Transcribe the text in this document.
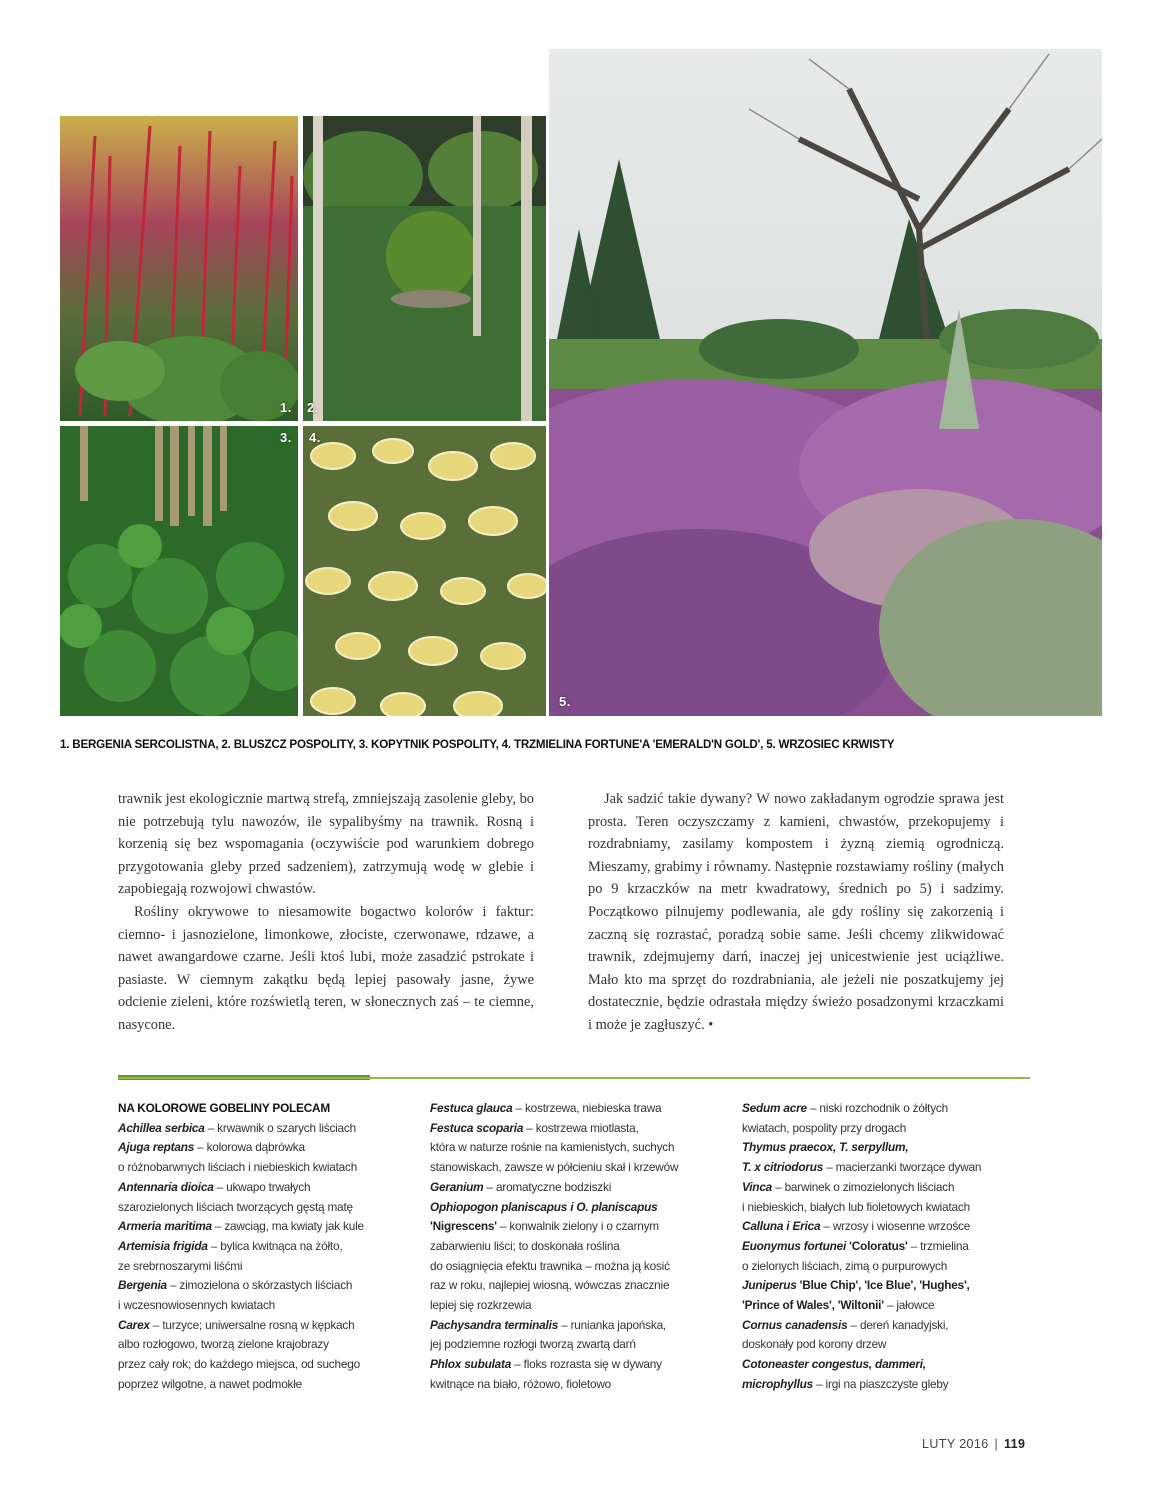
1. 2.
3. 4.
5.
1. BERGENIA SERCOLISTNA, 2. BLUSZCZ POSPOLITY, 3. KOPYTNIK POSPOLITY, 4. TRZMIELINA FORTUNE'A 'EMERALD'N GOLD', 5. WRZOSIEC KRWISTY

trawnik jest ekologicznie martwą strefą, zmniejszają zasolenie gleby, bo nie potrzebują tylu nawozów, ile sypalibyśmy na trawnik. Rosną i korzenią się bez wspomagania (oczywiście pod warunkiem dobrego przygotowania gleby przed sadzeniem), zatrzymują wodę w glebie i zapobiegają rozwojowi chwastów.

Rośliny okrywowe to niesamowite bogactwo kolorów i faktur: ciemno- i jasnozielone, limonkowe, złociste, czerwonawe, rdzawe, a nawet awangardowe czarne. Jeśli ktoś lubi, może zasadzić pstrokate i pasiaste. W ciemnym zakątku będą lepiej pasowały jasne, żywe odcienie zieleni, które rozświetlą teren, w słonecznych zaś – te ciemne, nasycone.

Jak sadzić takie dywany? W nowo zakładanym ogrodzie sprawa jest prosta. Teren oczyszczamy z kamieni, chwastów, przekopujemy i rozdrabniamy, zasilamy kompostem i żyzną ziemią ogrodniczą. Mieszamy, grabimy i równamy. Następnie rozstawiamy rośliny (małych po 9 krzaczków na metr kwadratowy, średnich po 5) i sadzimy. Początkowo pilnujemy podlewania, ale gdy rośliny się zakorzenią i zaczną się rozrastać, poradzą sobie same. Jeśli chcemy zlikwidować trawnik, zdejmujemy darń, inaczej jej unicestwienie jest uciążliwe. Mało kto ma sprzęt do rozdrabniania, ale jeżeli nie poszatkujemy jej dostatecznie, będzie odrastała między świeżo posadzonymi krzaczkami i może je zagłuszyć. •

NA KOLOROWE GOBELINY POLECAM
Achillea serbica – krwawnik o szarych liściach
Ajuga reptans – kolorowa dąbrówka
o różnobarwnych liściach i niebieskich kwiatach
Antennaria dioica – ukwapo trwałych
szarozielonych liściach tworzących gęstą matę
Armeria maritima – zawciąg, ma kwiaty jak kule
Artemisia frigida – bylica kwitnąca na żółto,
ze srebrnoszarymi liśćmi
Bergenia – zimozielona o skórzastych liściach
i wczesnowiosennych kwiatach
Carex – turzyce; uniwersalne rosną w kępkach
albo rozłogowo, tworzą zielone krajobrazy
przez cały rok; do każdego miejsca, od suchego
poprzez wilgotne, a nawet podmokłe
Festuca glauca – kostrzewa, niebieska trawa
Festuca scoparia – kostrzewa miotlasta,
która w naturze rośnie na kamienistych, suchych
stanowiskach, zawsze w półcieniu skał i krzewów
Geranium – aromatyczne bodziszki
Ophiopogon planiscapus i O. planiscapus
'Nigrescens' – konwalnik zielony i o czarnym
zabarwieniu liści; to doskonała roślina
do osiągnięcia efektu trawnika – można ją kosić
raz w roku, najlepiej wiosną, wówczas znacznie
lepiej się rozkrzewia
Pachysandra terminalis – runianka japońska,
jej podziemne rozłogi tworzą zwartą darń
Phlox subulata – floks rozrasta się w dywany
kwitnące na biało, różowo, fioletowo
Sedum acre – niski rozchodnik o żółtych
kwiatach, pospolity przy drogach
Thymus praecox, T. serpyllum,
T. x citriodorus – macierzanki tworzące dywan
Vinca – barwinek o zimozielonych liściach
i niebieskich, białych lub fioletowych kwiatach
Calluna i Erica – wrzosy i wiosenne wrzośce
Euonymus fortunei 'Coloratus' – trzmielina
o zielonych liściach, zimą o purpurowych
Juniperus 'Blue Chip', 'Ice Blue', 'Hughes',
'Prince of Wales', 'Wiltonii' – jałowce
Cornus canadensis – dereń kanadyjski,
doskonały pod korony drzew
Cotoneaster congestus, dammeri,
microphyllus – irgi na piaszczyste gleby
LUTY 2016 | 119
